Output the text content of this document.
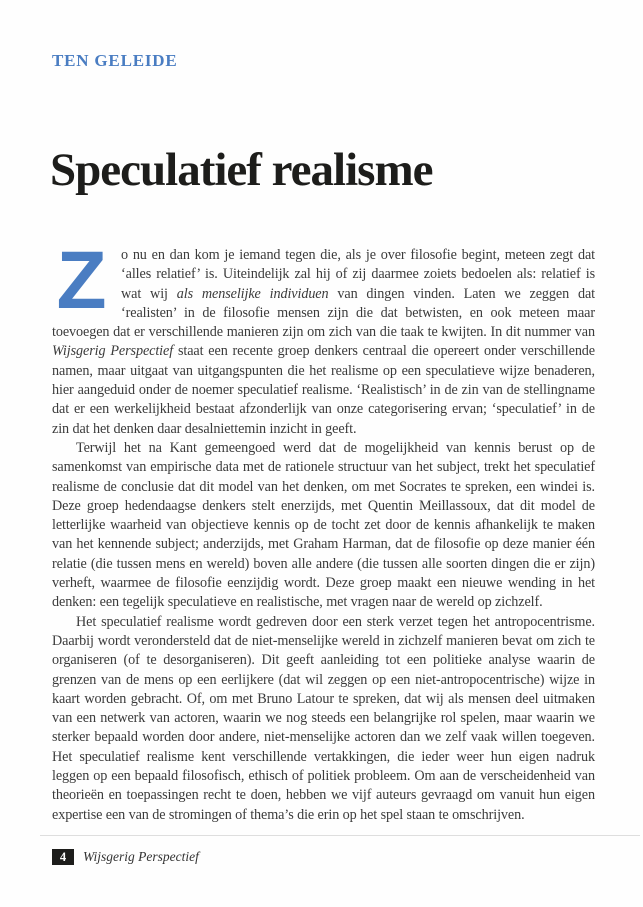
TEN GELEIDE
Speculatief realisme

Z	o nu en dan kom je iemand tegen die, als je over filosofie begint, meteen zegt dat ‘alles relatief’ is. Uiteindelijk zal hij of zij daarmee zoiets bedoelen als: relatief is wat wij als menselijke individuen van dingen vinden. Laten we zeggen dat ‘realisten’ in de filosofie mensen zijn die dat betwisten, en ook meteen maar toevoegen dat er verschillende manieren zijn om zich van die taak te kwijten. In dit nummer van Wijsgerig Perspectief staat een recente groep denkers centraal die opereert onder verschillende namen, maar uitgaat van uitgangspunten die het realisme op een speculatieve wijze benaderen, hier aangeduid onder de noemer speculatief realisme. ‘Realistisch’ in de zin van de stellingname dat er een werkelijkheid bestaat afzonderlijk van onze categorisering ervan; ‘speculatief’ in de zin dat het denken daar desalniettemin inzicht in geeft.

Terwijl het na Kant gemeengoed werd dat de mogelijkheid van kennis berust op de samenkomst van empirische data met de rationele structuur van het subject, trekt het speculatief realisme de conclusie dat dit model van het denken, om met Socrates te spreken, een windei is. Deze groep hedendaagse denkers stelt enerzijds, met Quentin Meillassoux, dat dit model de letterlijke waarheid van objectieve kennis op de tocht zet door de kennis afhankelijk te maken van het kennende subject; anderzijds, met Graham Harman, dat de filosofie op deze manier één relatie (die tussen mens en wereld) boven alle andere (die tussen alle soorten dingen die er zijn) verheft, waarmee de filosofie eenzijdig wordt. Deze groep maakt een nieuwe wending in het denken: een tegelijk speculatieve en realistische, met vragen naar de wereld op zichzelf.

Het speculatief realisme wordt gedreven door een sterk verzet tegen het antropocentrisme. Daarbij wordt verondersteld dat de niet-menselijke wereld in zichzelf manieren bevat om zich te organiseren (of te desorganiseren). Dit geeft aanleiding tot een politieke analyse waarin de grenzen van de mens op een eerlijkere (dat wil zeggen op een niet-antropocentrische) wijze in kaart worden gebracht. Of, om met Bruno Latour te spreken, dat wij als mensen deel uitmaken van een netwerk van actoren, waarin we nog steeds een belangrijke rol spelen, maar waarin we sterker bepaald worden door andere, niet-menselijke actoren dan we zelf vaak willen toegeven. Het speculatief realisme kent verschillende vertakkingen, die ieder weer hun eigen nadruk leggen op een bepaald filosofisch, ethisch of politiek probleem. Om aan de verscheidenheid van theorieën en toepassingen recht te doen, hebben we vijf auteurs gevraagd om vanuit hun eigen expertise een van de stromingen of thema’s die erin op het spel staan te omschrijven.

4	Wijsgerig Perspectief
